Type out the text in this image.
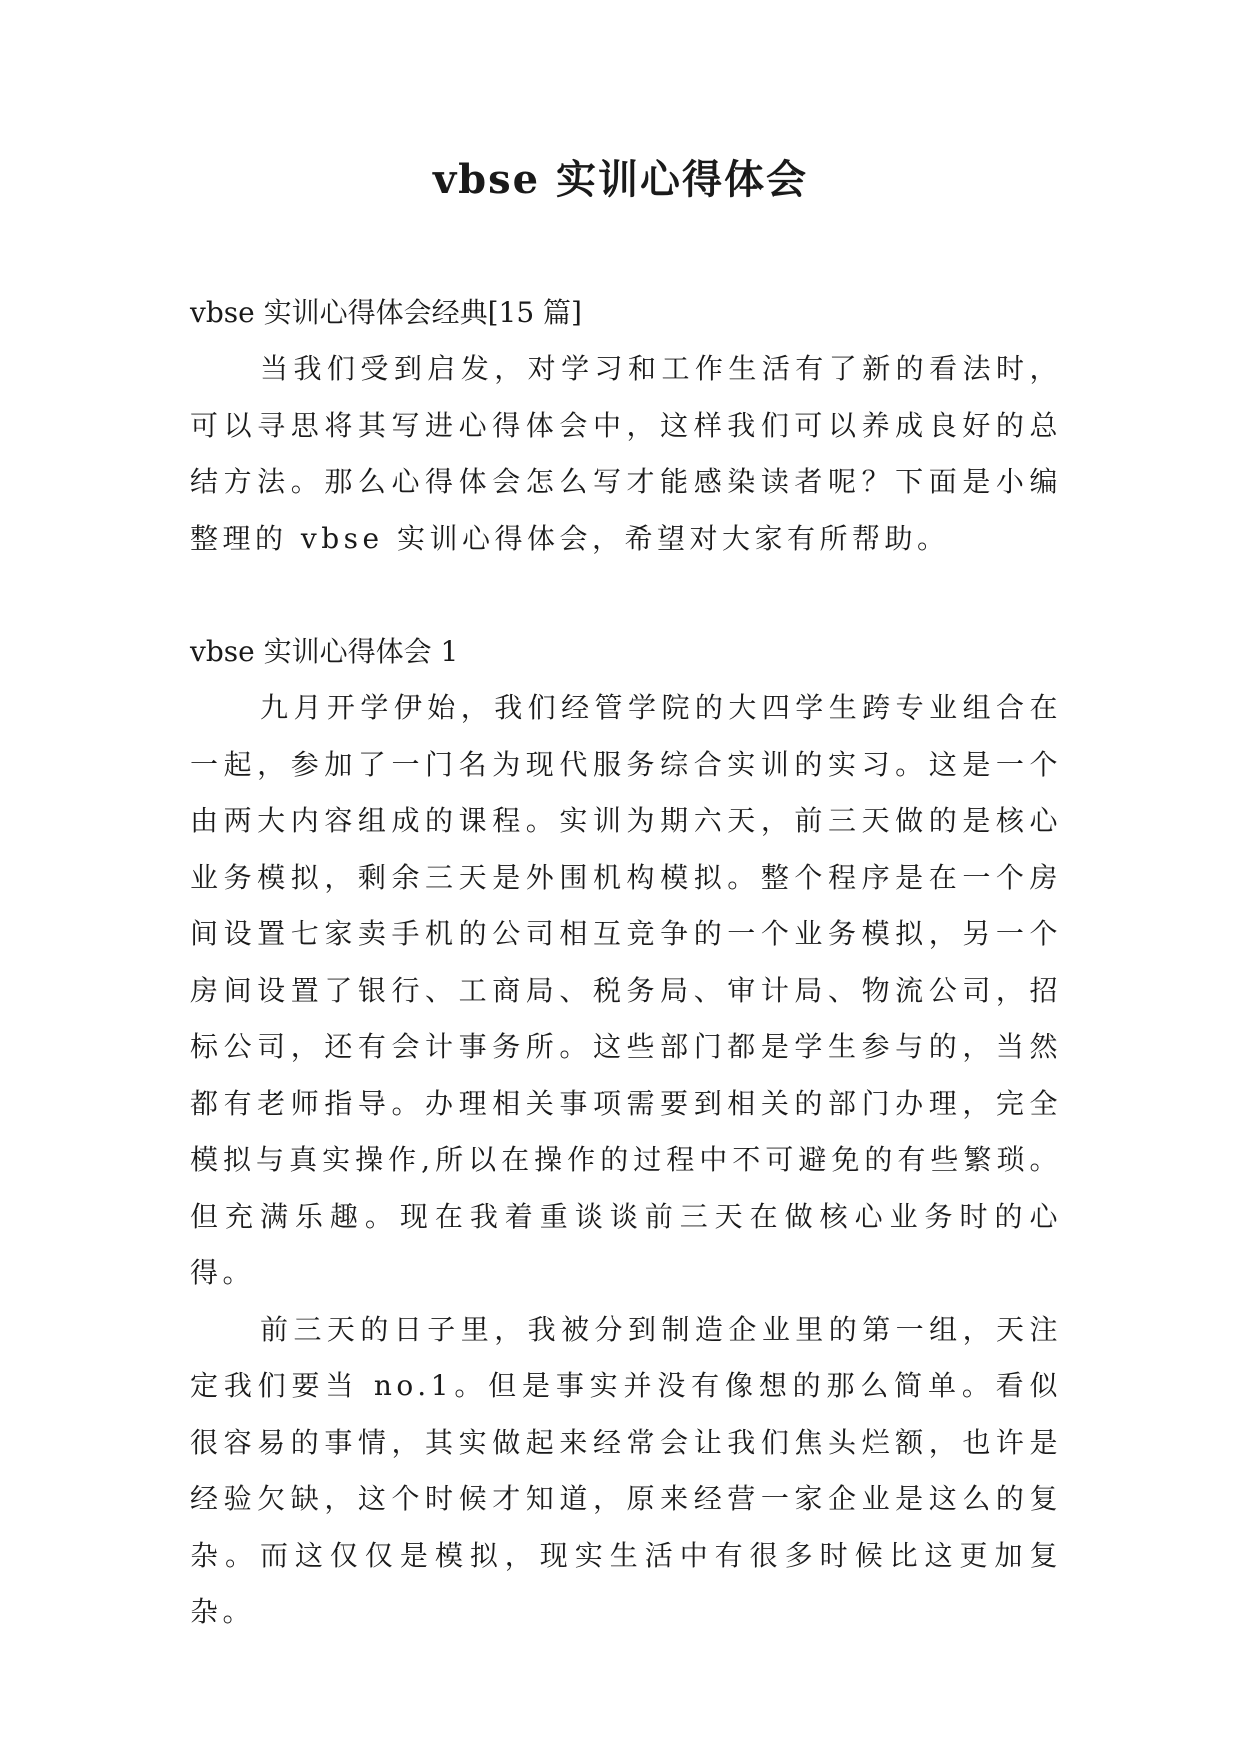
vbse 实训心得体会

vbse 实训心得体会经典[15 篇]

当我们受到启发，对学习和工作生活有了新的看法时，可以寻思将其写进心得体会中，这样我们可以养成良好的总结方法。那么心得体会怎么写才能感染读者呢？下面是小编整理的 vbse 实训心得体会，希望对大家有所帮助。

vbse 实训心得体会 1

九月开学伊始，我们经管学院的大四学生跨专业组合在一起，参加了一门名为现代服务综合实训的实习。这是一个由两大内容组成的课程。实训为期六天，前三天做的是核心业务模拟，剩余三天是外围机构模拟。整个程序是在一个房间设置七家卖手机的公司相互竞争的一个业务模拟，另一个房间设置了银行、工商局、税务局、审计局、物流公司，招标公司，还有会计事务所。这些部门都是学生参与的，当然都有老师指导。办理相关事项需要到相关的部门办理，完全模拟与真实操作,所以在操作的过程中不可避免的有些繁琐。但充满乐趣。现在我着重谈谈前三天在做核心业务时的心得。

前三天的日子里，我被分到制造企业里的第一组，天注定我们要当 no.1。但是事实并没有像想的那么简单。看似很容易的事情，其实做起来经常会让我们焦头烂额，也许是经验欠缺，这个时候才知道，原来经营一家企业是这么的复杂。而这仅仅是模拟，现实生活中有很多时候比这更加复杂。
